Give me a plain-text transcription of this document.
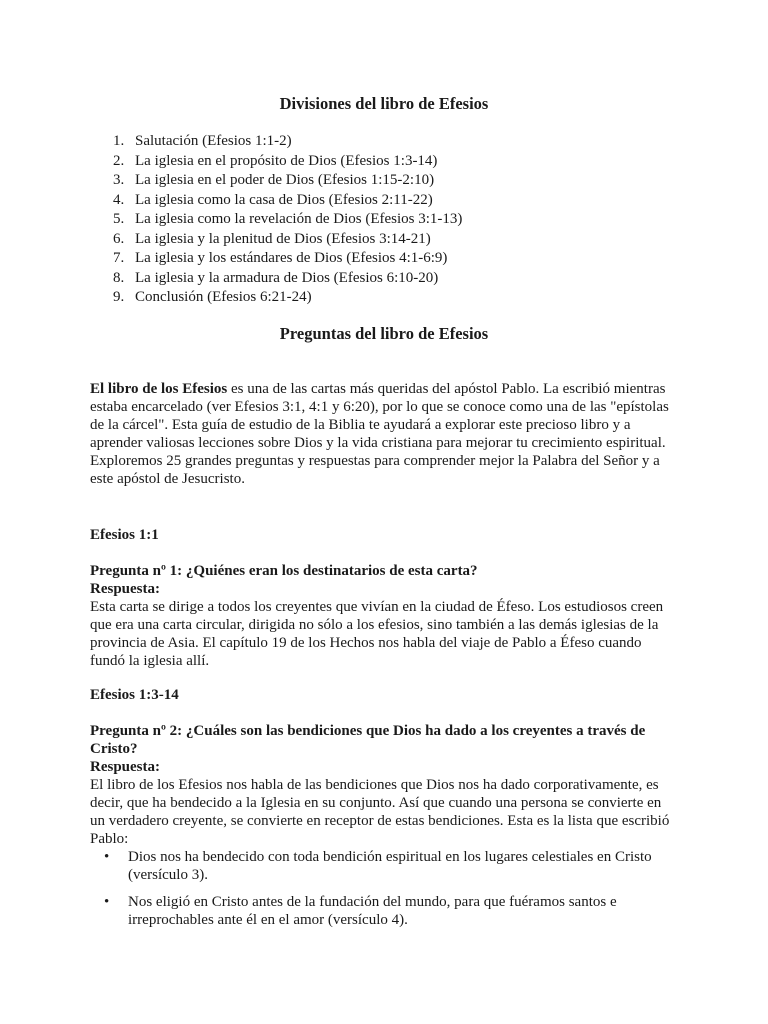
Divisiones del libro de Efesios
1. Salutación (Efesios 1:1-2)
2. La iglesia en el propósito de Dios (Efesios 1:3-14)
3. La iglesia en el poder de Dios (Efesios 1:15-2:10)
4. La iglesia como la casa de Dios (Efesios 2:11-22)
5. La iglesia como la revelación de Dios (Efesios 3:1-13)
6. La iglesia y la plenitud de Dios (Efesios 3:14-21)
7. La iglesia y los estándares de Dios (Efesios 4:1-6:9)
8. La iglesia y la armadura de Dios (Efesios 6:10-20)
9. Conclusión (Efesios 6:21-24)
Preguntas del libro de Efesios

El libro de los Efesios es una de las cartas más queridas del apóstol Pablo. La escribió mientras estaba encarcelado (ver Efesios 3:1, 4:1 y 6:20), por lo que se conoce como una de las "epístolas de la cárcel". Esta guía de estudio de la Biblia te ayudará a explorar este precioso libro y a aprender valiosas lecciones sobre Dios y la vida cristiana para mejorar tu crecimiento espiritual. Exploremos 25 grandes preguntas y respuestas para comprender mejor la Palabra del Señor y a este apóstol de Jesucristo.

Efesios 1:1

Pregunta nº 1: ¿Quiénes eran los destinatarios de esta carta?

Respuesta:

Esta carta se dirige a todos los creyentes que vivían en la ciudad de Éfeso. Los estudiosos creen que era una carta circular, dirigida no sólo a los efesios, sino también a las demás iglesias de la provincia de Asia. El capítulo 19 de los Hechos nos habla del viaje de Pablo a Éfeso cuando fundó la iglesia allí.

Efesios 1:3-14

Pregunta nº 2: ¿Cuáles son las bendiciones que Dios ha dado a los creyentes a través de Cristo?

Respuesta:

El libro de los Efesios nos habla de las bendiciones que Dios nos ha dado corporativamente, es decir, que ha bendecido a la Iglesia en su conjunto. Así que cuando una persona se convierte en un verdadero creyente, se convierte en receptor de estas bendiciones. Esta es la lista que escribió Pablo:

• Dios nos ha bendecido con toda bendición espiritual en los lugares celestiales en Cristo (versículo 3).
• Nos eligió en Cristo antes de la fundación del mundo, para que fuéramos santos e irreprochables ante él en el amor (versículo 4).
